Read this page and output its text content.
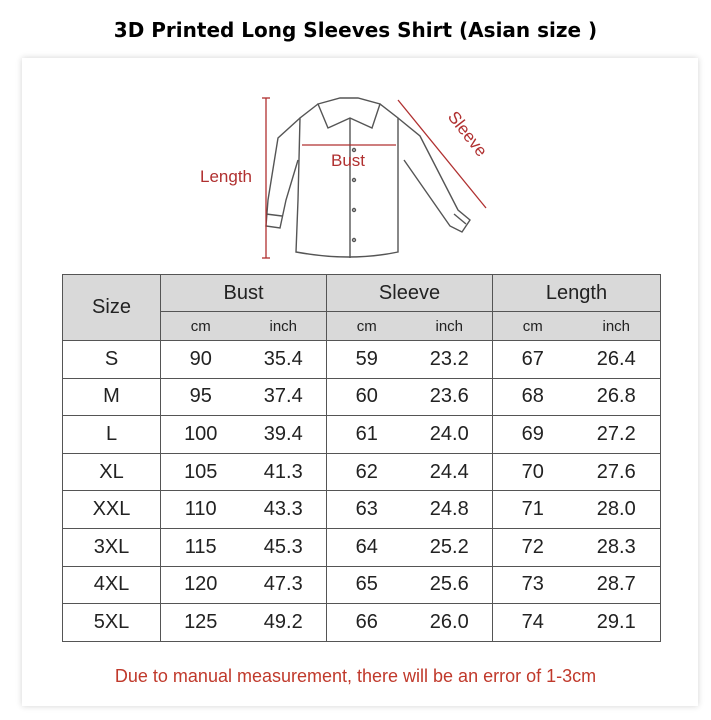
3D Printed Long Sleeves Shirt (Asian size )
Length
Bust
Sleeve
Size	Bust		Sleeve		Length	
	cm	inch	cm	inch	cm	inch
S	90	35.4	59	23.2	67	26.4
M	95	37.4	60	23.6	68	26.8
L	100	39.4	61	24.0	69	27.2
XL	105	41.3	62	24.4	70	27.6
XXL	110	43.3	63	24.8	71	28.0
3XL	115	45.3	64	25.2	72	28.3
4XL	120	47.3	65	25.6	73	28.7
5XL	125	49.2	66	26.0	74	29.1
Due to manual measurement, there will be an error of 1-3cm
